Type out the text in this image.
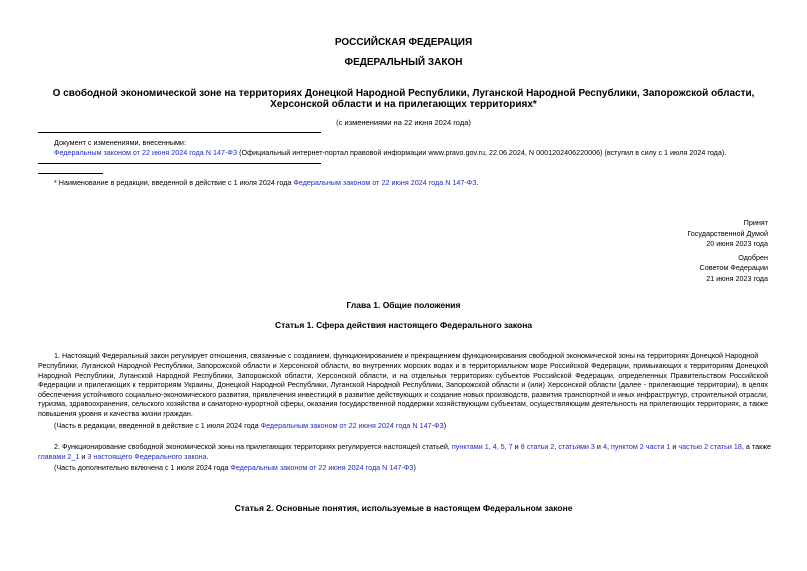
РОССИЙСКАЯ ФЕДЕРАЦИЯ
ФЕДЕРАЛЬНЫЙ ЗАКОН
О свободной экономической зоне на территориях Донецкой Народной Республики, Луганской Народной Республики, Запорожской области, Херсонской области и на прилегающих территориях*
(с изменениями на 22 июня 2024 года)
Документ с изменениями, внесенными:
Федеральным законом от 22 июня 2024 года N 147-ФЗ (Официальный интернет-портал правовой информации www.pravo.gov.ru, 22.06.2024, N 0001202406220006) (вступил в силу с 1 июля 2024 года).
* Наименование в редакции, введенной в действие с 1 июля 2024 года Федеральным законом от 22 июня 2024 года N 147-ФЗ.
Принят
Государственной Думой
20 июня 2023 года
Одобрен
Советом Федерации
21 июня 2023 года
Глава 1. Общие положения
Статья 1. Сфера действия настоящего Федерального закона
1. Настоящий Федеральный закон регулирует отношения, связанные с созданием, функционированием и прекращением функционирования свободной экономической зоны на территориях Донецкой Народной
Республики, Луганской Народной Республики, Запорожской области и Херсонской области, во внутренних морских водах и в территориальном море Российской Федерации, примыкающих к территориям Донецкой Народной Республики, Луганской Народной Республики, Запорожской области, Херсонской области, и на отдельных территориях субъектов Российской Федерации, определенных Правительством Российской Федерации и прилегающих к территориям Украины, Донецкой Народной Республики, Луганской Народной Республики, Запорожской области и (или) Херсонской области (далее - прилегающие территории), в целях обеспечения устойчивого социально-экономического развития, привлечения инвестиций в развитие действующих и создание новых производств, развития транспортной и иных инфраструктур, строительной отрасли, туризма, здравоохранения, сельского хозяйства и санаторно-курортной сферы, оказания государственной поддержки хозяйствующим субъектам, осуществляющим деятельность на прилегающих территориях, а также повышения уровня и качества жизни граждан.
(Часть в редакции, введенной в действие с 1 июля 2024 года Федеральным законом от 22 июня 2024 года N 147-ФЗ)
2. Функционирование свободной экономической зоны на прилегающих территориях регулируется настоящей статьей, пунктами 1, 4, 5, 7 и 8 статьи 2, статьями 3 и 4, пунктом 2 части 1 и частью 2 статьи 18, а также
главами 2_1 и 3 настоящего Федерального закона.
(Часть дополнительно включена с 1 июля 2024 года Федеральным законом от 22 июня 2024 года N 147-ФЗ)
Статья 2. Основные понятия, используемые в настоящем Федеральном законе
